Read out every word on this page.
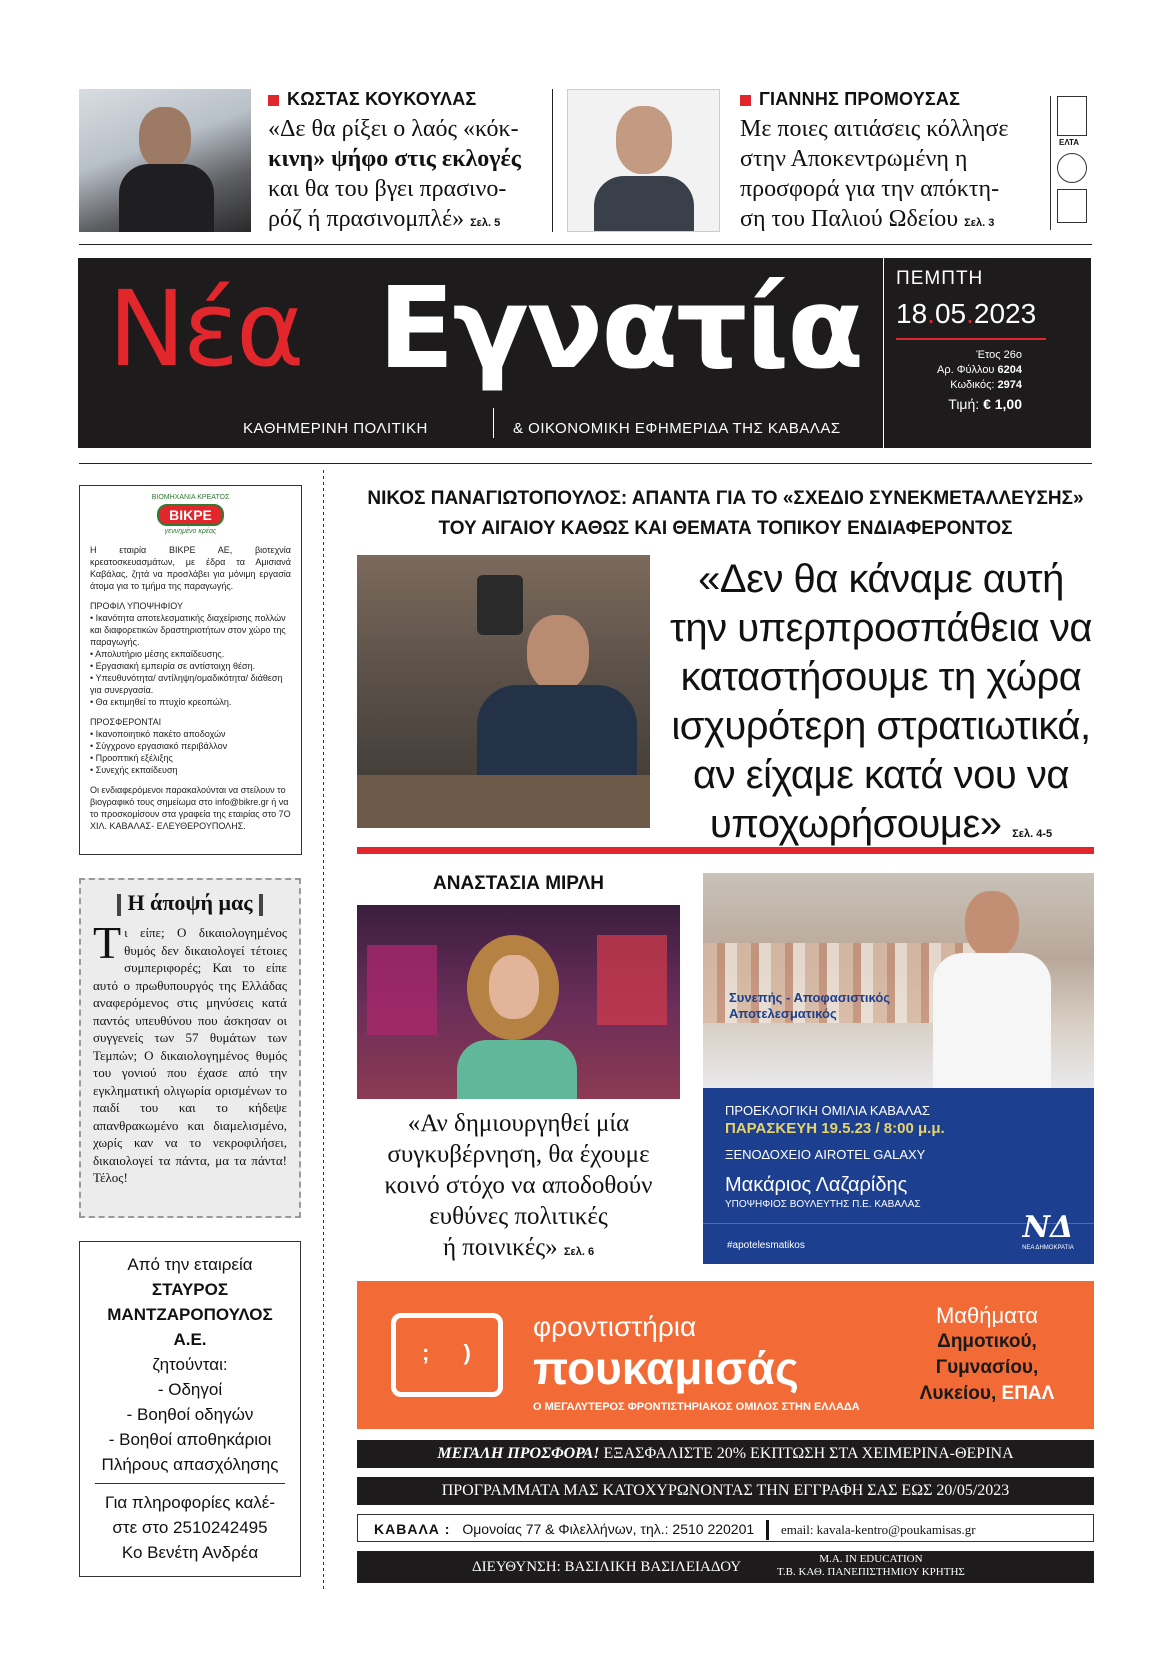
ΚΩΣΤΑΣ ΚΟΥΚΟΥΛΑΣ
«Δε θα ρίξει ο λαός «κόκ-
κινη» ψήφο στις εκλογές
και θα του βγει πρασινο-
ρόζ ή πρασινομπλέ» Σελ. 5
ΓΙΑΝΝΗΣ ΠΡΟΜΟΥΣΑΣ
Με ποιες αιτιάσεις κόλλησε
στην Αποκεντρωμένη η
προσφορά για την απόκτη-
ση του Παλιού Ωδείου Σελ. 3
ΕΛΤΑ
Νέα Εγνατία
ΚΑΘΗΜΕΡΙΝΗ ΠΟΛΙΤΙΚΗ	& ΟΙΚΟΝΟΜΙΚΗ ΕΦΗΜΕΡΙΔΑ ΤΗΣ ΚΑΒΑΛΑΣ
ΠΕΜΠΤΗ
18.05.2023
Έτος 26ο
Αρ. Φύλλου 6204
Κωδικός: 2974
Τιμή: € 1,00
ΒΙΟΜΗΧΑΝΙΑ ΚΡΕΑΤΟΣ
ΒΙΚΡΕ
γεννημένο κρέας
Η εταιρία ΒΙΚΡΕ ΑΕ, βιοτεχνία κρεατοσκευασμάτων, με έδρα τα Αμισιανά Καβάλας, ζητά να προσλάβει για μόνιμη εργασία άτομα για το τμήμα της παραγωγής.
ΠΡΟΦΙΛ ΥΠΟΨΗΦΙΟΥ
• Ικανότητα αποτελεσματικής διαχείρισης πολλών και διαφορετικών δραστηριοτήτων στον χώρο της παραγωγής.
• Απολυτήριο μέσης εκπαίδευσης.
• Εργασιακή εμπειρία σε αντίστοιχη θέση.
• Υπευθυνότητα/ αντίληψη/ομαδικότητα/ διάθεση για συνεργασία.
• Θα εκτιμηθεί το πτυχίο κρεοπώλη.
ΠΡΟΣΦΕΡΟΝΤΑΙ
• Ικανοποιητικό πακέτο αποδοχών
• Σύγχρονο εργασιακό περιβάλλον
• Προοπτική εξέλιξης
• Συνεχής εκπαίδευση
Οι ενδιαφερόμενοι παρακαλούνται να στείλουν το βιογραφικό τους σημείωμα στο info@bikre.gr ή να το προσκομίσουν στα γραφεία της εταιρίας στο 7Ο ΧΙΛ. ΚΑΒΑΛΑΣ- ΕΛΕΥΘΕΡΟΥΠΟΛΗΣ.
Η άποψή μας
Τι είπε; Ο δικαιολογημένος θυμός δεν δικαιολογεί τέτοιες συμπεριφορές; Και το είπε αυτό ο πρωθυπουργός της Ελλάδας αναφερόμενος στις μηνύσεις κατά παντός υπευθύνου που άσκησαν οι συγγενείς των 57 θυμάτων των Τεμπών; Ο δικαιολογημένος θυμός του γονιού που έχασε από την εγκληματική ολιγωρία ορισμένων το παιδί του και το κήδεψε απανθρακωμένο και διαμελισμένο, χωρίς καν να το νεκροφιλήσει, δικαιολογεί τα πάντα, μα τα πάντα! Τέλος!
Από την εταιρεία
ΣΤΑΥΡΟΣ
ΜΑΝΤΖΑΡΟΠΟΥΛΟΣ
Α.Ε.
ζητούνται:
- Οδηγοί
- Βοηθοί οδηγών
- Βοηθοί αποθηκάριοι
Πλήρους απασχόλησης
Για πληροφορίες καλέ-
στε στο 2510242495
Κο Βενέτη Ανδρέα
ΝΙΚΟΣ ΠΑΝΑΓΙΩΤΟΠΟΥΛΟΣ: ΑΠΑΝΤΑ ΓΙΑ ΤΟ «ΣΧΕΔΙΟ ΣΥΝΕΚΜΕΤΑΛΛΕΥΣΗΣ»
ΤΟΥ ΑΙΓΑΙΟΥ ΚΑΘΩΣ ΚΑΙ ΘΕΜΑΤΑ ΤΟΠΙΚΟΥ ΕΝΔΙΑΦΕΡΟΝΤΟΣ
«Δεν θα κάναμε αυτή
την υπερπροσπάθεια να
καταστήσουμε τη χώρα
ισχυρότερη στρατιωτικά,
αν είχαμε κατά νου να
υποχωρήσουμε» Σελ. 4-5
ΑΝΑΣΤΑΣΙΑ ΜΙΡΛΗ
«Αν δημιουργηθεί μία
συγκυβέρνηση, θα έχουμε
κοινό στόχο να αποδοθούν
ευθύνες πολιτικές
ή ποινικές» Σελ. 6
Συνεπής - Αποφασιστικός
Αποτελεσματικός
ΠΡΟΕΚΛΟΓΙΚΗ ΟΜΙΛΙΑ ΚΑΒΑΛΑΣ
ΠΑΡΑΣΚΕΥΗ 19.5.23 / 8:00 μ.μ.
ΞΕΝΟΔΟΧΕΙΟ AIROTEL GALAXY
Μακάριος Λαζαρίδης
ΥΠΟΨΗΦΙΟΣ ΒΟΥΛΕΥΤΗΣ Π.Ε. ΚΑΒΑΛΑΣ
#apotelesmatikos
ΝΔ
ΝΕΑ ΔΗΜΟΚΡΑΤΙΑ
; )
φροντιστήρια
πουκαμισάς
Ο ΜΕΓΑΛΥΤΕΡΟΣ ΦΡΟΝΤΙΣΤΗΡΙΑΚΟΣ ΟΜΙΛΟΣ ΣΤΗΝ ΕΛΛΑΔΑ
Μαθήματα
Δημοτικού,
Γυμνασίου,
Λυκείου, ΕΠΑΛ
ΜΕΓΑΛΗ ΠΡΟΣΦΟΡΑ! ΕΞΑΣΦΑΛΙΣΤΕ 20% ΕΚΠΤΩΣΗ ΣΤΑ ΧΕΙΜΕΡΙΝΑ-ΘΕΡΙΝΑ
ΠΡΟΓΡΑΜΜΑΤΑ ΜΑΣ ΚΑΤΟΧΥΡΩΝΟΝΤΑΣ ΤΗΝ ΕΓΓΡΑΦΗ ΣΑΣ ΕΩΣ 20/05/2023
ΚΑΒΑΛΑ : Ομονοίας 77 & Φιλελλήνων, τηλ.: 2510 220201 email: kavala-kentro@poukamisas.gr
ΔΙΕΥΘΥΝΣΗ: ΒΑΣΙΛΙΚΗ ΒΑΣΙΛΕΙΑΔΟΥ	M.A. IN EDUCATION
Τ.Β. ΚΑΘ. ΠΑΝΕΠΙΣΤΗΜΙΟΥ ΚΡΗΤΗΣ
